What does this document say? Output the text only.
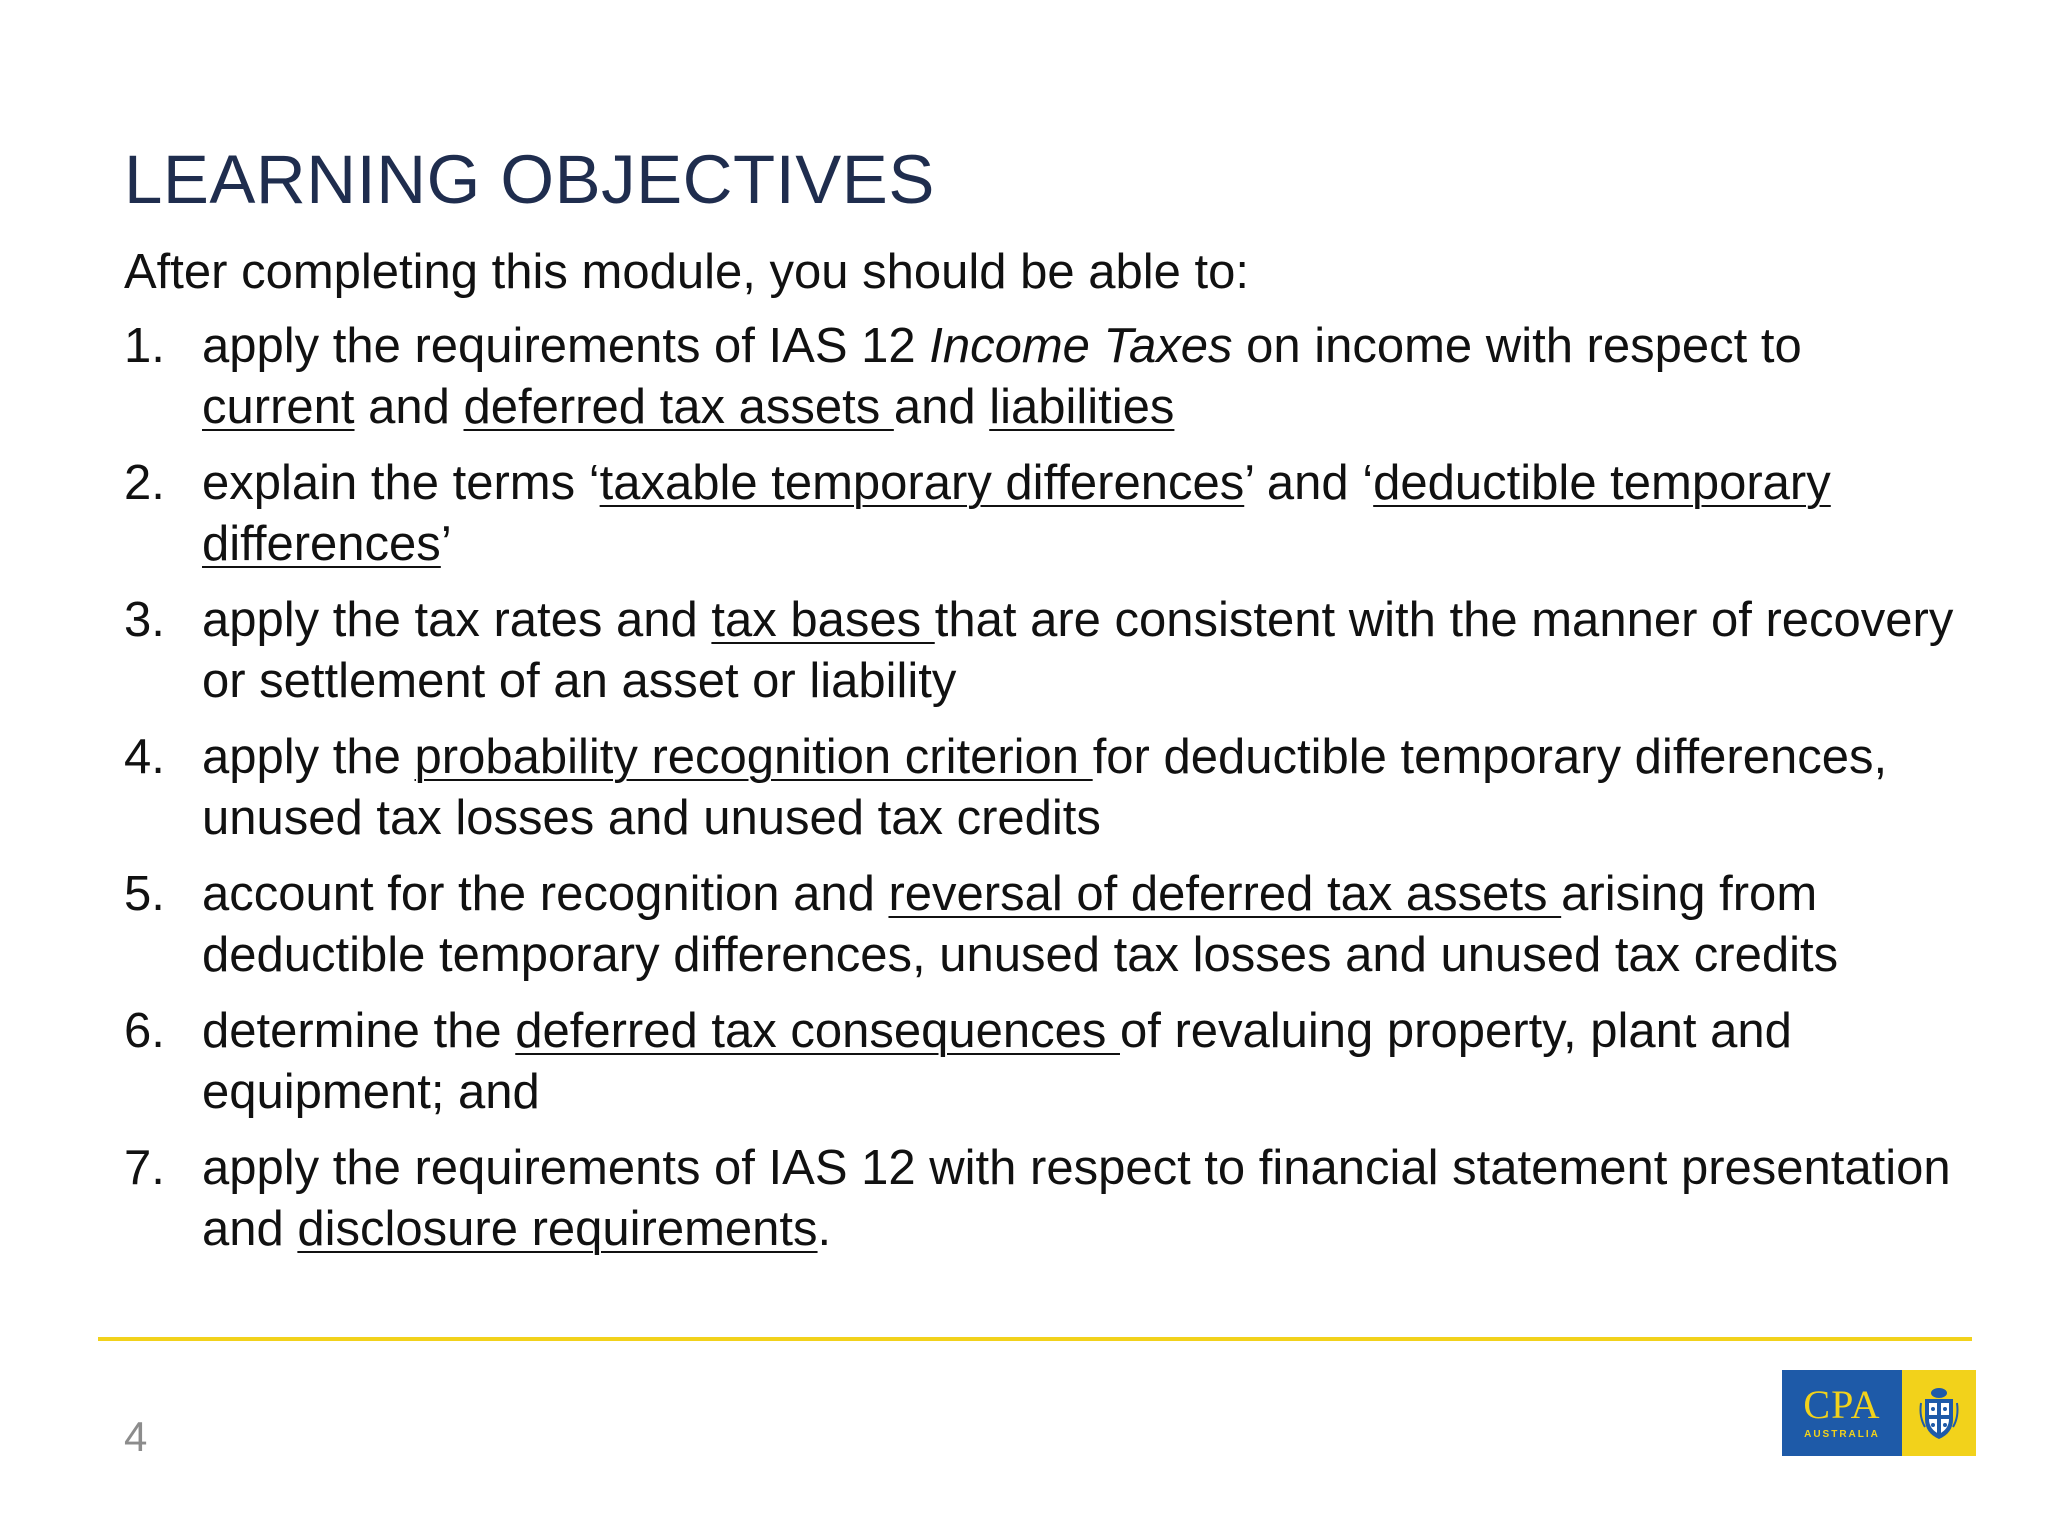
LEARNING OBJECTIVES

After completing this module, you should be able to:

1. apply the requirements of IAS 12 Income Taxes on income with respect to current and deferred tax assets and liabilities
2. explain the terms ‘taxable temporary differences’ and ‘deductible temporary differences’
3. apply the tax rates and tax bases that are consistent with the manner of recovery or settlement of an asset or liability
4. apply the probability recognition criterion for deductible temporary differences, unused tax losses and unused tax credits
5. account for the recognition and reversal of deferred tax assets arising from deductible temporary differences, unused tax losses and unused tax credits
6. determine the deferred tax consequences of revaluing property, plant and equipment; and
7. apply the requirements of IAS 12 with respect to financial statement presentation and disclosure requirements.
4
CPA
AUSTRALIA
